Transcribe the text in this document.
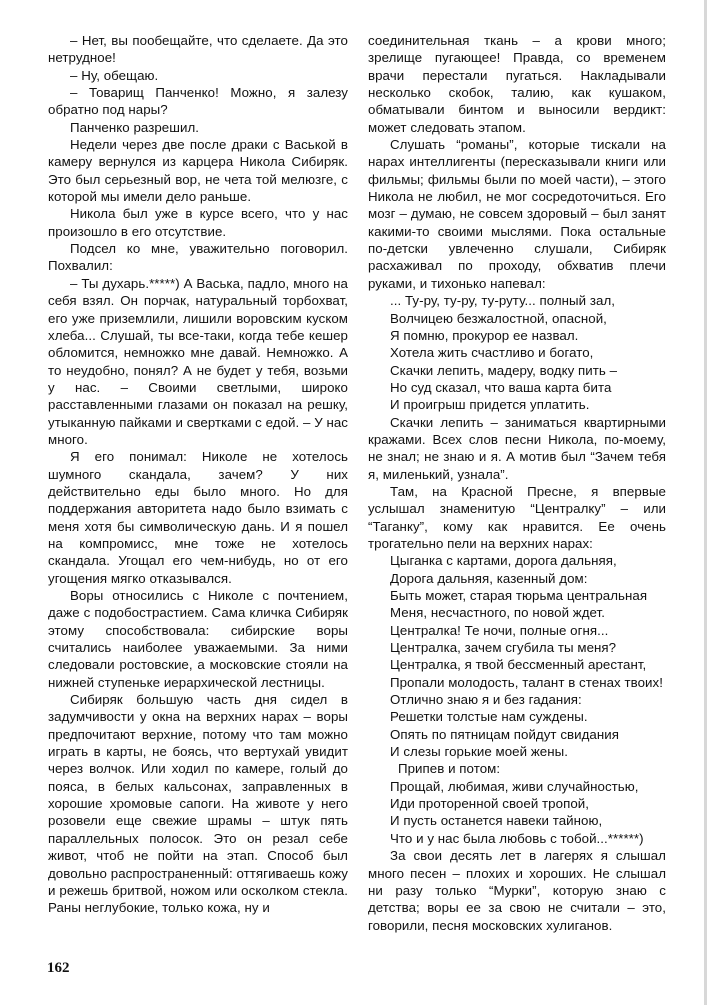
– Нет, вы пообещайте, что сделаете. Да это нетрудное!

– Ну, обещаю.

– Товарищ Панченко! Можно, я залезу обратно под нары?

Панченко разрешил.

Недели через две после драки с Васькой в камеру вернулся из карцера Никола Сибиряк. Это был серьезный вор, не чета той мелюзге, с которой мы имели дело раньше.

Никола был уже в курсе всего, что у нас произошло в его отсутствие.

Подсел ко мне, уважительно поговорил. Похвалил:

– Ты духарь.*****) А Васька, падло, много на себя взял. Он порчак, натуральный торбохват, его уже приземлили, лишили воровским куском хлеба... Слушай, ты все-таки, когда тебе кешер обломится, немножко мне давай. Немножко. А то неудобно, понял? А не будет у тебя, возьми у нас. – Своими светлыми, широко расставленными глазами он показал на решку, утыканную пайками и свертками с едой. – У нас много.

Я его понимал: Николе не хотелось шумного скандала, зачем? У них действительно еды было много. Но для поддержания авторитета надо было взимать с меня хотя бы символическую дань. И я пошел на компромисс, мне тоже не хотелось скандала. Угощал его чем-нибудь, но от его угощения мягко отказывался.

Воры относились с Николе с почтением, даже с подобострастием. Сама кличка Сибиряк этому способствовала: сибирские воры считались наиболее уважаемыми. За ними следовали ростовские, а московские стояли на нижней ступеньке иерархической лестницы.

Сибиряк большую часть дня сидел в задумчивости у окна на верхних нарах – воры предпочитают верхние, потому что там можно играть в карты, не боясь, что вертухай увидит через волчок. Или ходил по камере, голый до пояса, в белых кальсонах, заправленных в хорошие хромовые сапоги. На животе у него розовели еще свежие шрамы – штук пять параллельных полосок. Это он резал себе живот, чтоб не пойти на этап. Способ был довольно распространенный: оттягиваешь кожу и режешь бритвой, ножом или осколком стекла. Раны неглубокие, только кожа, ну и

соединительная ткань – а крови много; зрелище пугающее! Правда, со временем врачи перестали пугаться. Накладывали несколько скобок, талию, как кушаком, обматывали бинтом и выносили вердикт: может следовать этапом.

Слушать “романы”, которые тискали на нарах интеллигенты (пересказывали книги или фильмы; фильмы были по моей части), – этого Никола не любил, не мог сосредоточиться. Его мозг – думаю, не совсем здоровый – был занят какими-то своими мыслями. Пока остальные по-детски увлеченно слушали, Сибиряк расхаживал по проходу, обхватив плечи руками, и тихонько напевал:

... Ту-ру, ту-ру, ту-руту... полный зал,

Волчицею безжалостной, опасной,

Я помню, прокурор ее назвал.

Хотела жить счастливо и богато,

Скачки лепить, мадеру, водку пить –

Но суд сказал, что ваша карта бита

И проигрыш придется уплатить.

Скачки лепить – заниматься квартирными кражами. Всех слов песни Никола, по-моему, не знал; не знаю и я. А мотив был “Зачем тебя я, миленький, узнала”.

Там, на Красной Пресне, я впервые услышал знаменитую “Централку” – или “Таганку”, кому как нравится. Ее очень трогательно пели на верхних нарах:

Цыганка с картами, дорога дальняя,

Дорога дальняя, казенный дом:

Быть может, старая тюрьма центральная

Меня, несчастного, по новой ждет.

Централка! Те ночи, полные огня...

Централка, зачем сгубила ты меня?

Централка, я твой бессменный арестант,

Пропали молодость, талант в стенах твоих!

Отлично знаю я и без гадания:

Решетки толстые нам суждены.

Опять по пятницам пойдут свидания

И слезы горькие моей жены.

Припев и потом:

Прощай, любимая, живи случайностью,

Иди проторенной своей тропой,

И пусть останется навеки тайною,

Что и у нас была любовь с тобой...******)

За свои десять лет в лагерях я слышал много песен – плохих и хороших. Не слышал ни разу только “Мурки”, которую знаю с детства; воры ее за свою не считали – это, говорили, песня московских хулиганов.

162
